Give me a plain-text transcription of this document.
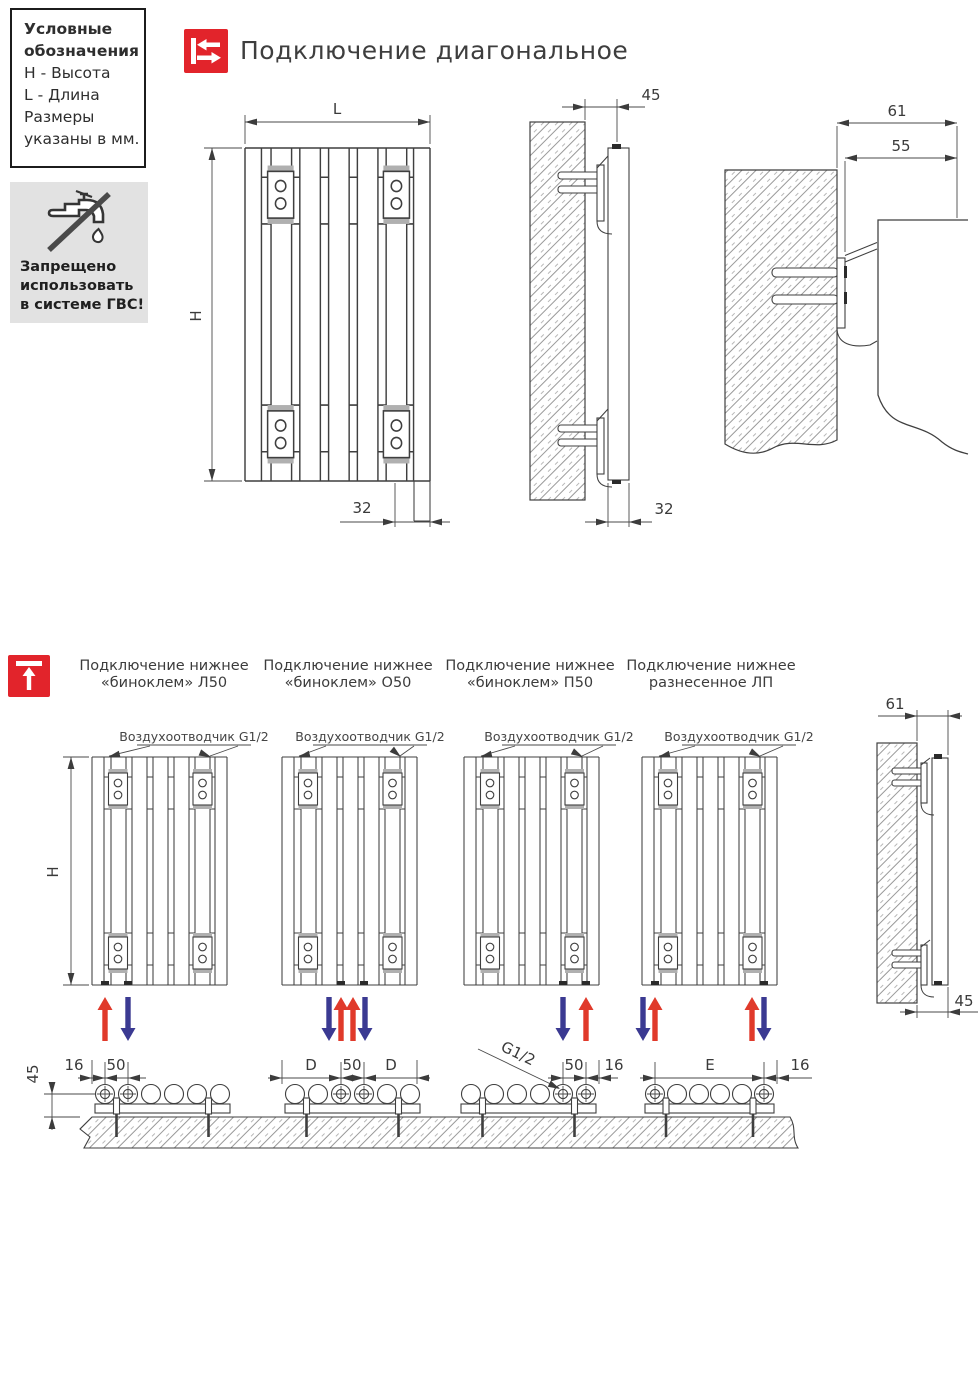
Условные
обозначения
H - Высота
L - Длина
Размеры
указаны в мм.
Запрещено
использовать
в системе ГВС!
Подключение диагональное
Подключение нижнее
«биноклем» Л50
Подключение нижнее
«биноклем» О50
Подключение нижнее
«биноклем» П50
Подключение нижнее
разнесенное ЛП
L
H
32
45
32
61
55
Воздухоотводчик G1/2 Воздухоотводчик G1/2	Воздухоотводчик G1/2 Воздухоотводчик G1/2
H
45 16 50	D 50 D	G1/2 50 16	E	16
61
45
